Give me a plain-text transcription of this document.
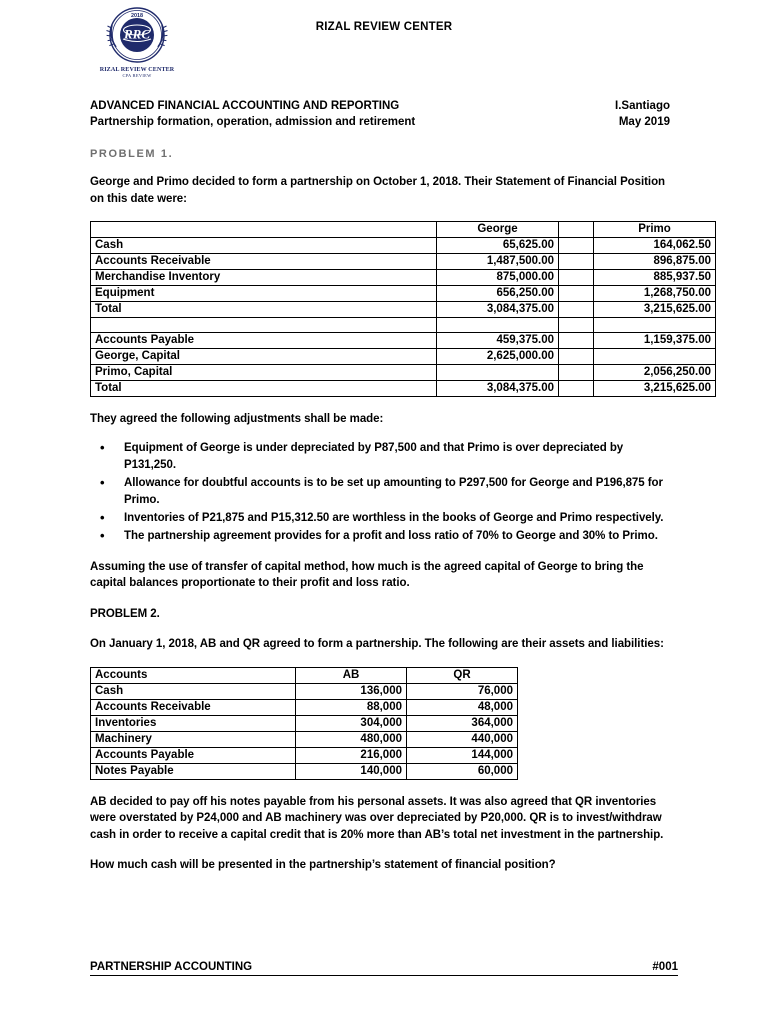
2018
RRC
RIZAL REVIEW CENTER
CPA REVIEW
RIZAL REVIEW CENTER
ADVANCED FINANCIAL ACCOUNTING AND REPORTING	I.Santiago
Partnership formation, operation, admission and retirement	May 2019
PROBLEM 1.

George and Primo decided to form a partnership on October 1, 2018. Their Statement of Financial Position on this date were:

	George		Primo
Cash	65,625.00		164,062.50
Accounts Receivable	1,487,500.00		896,875.00
Merchandise Inventory	875,000.00		885,937.50
Equipment	656,250.00		1,268,750.00
Total	3,084,375.00		3,215,625.00

Accounts Payable	459,375.00		1,159,375.00
George, Capital	2,625,000.00		
Primo, Capital			2,056,250.00
Total	3,084,375.00		3,215,625.00

They agreed the following adjustments shall be made:

• Equipment of George is under depreciated by P87,500 and that Primo is over depreciated by P131,250.
• Allowance for doubtful accounts is to be set up amounting to P297,500 for George and P196,875 for Primo.
• Inventories of P21,875 and P15,312.50 are worthless in the books of George and Primo respectively.
• The partnership agreement provides for a profit and loss ratio of 70% to George and 30% to Primo.

Assuming the use of transfer of capital method, how much is the agreed capital of George to bring the capital balances proportionate to their profit and loss ratio.

PROBLEM 2.

On January 1, 2018, AB and QR agreed to form a partnership. The following are their assets and liabilities:

Accounts	AB	QR
Cash	136,000	76,000
Accounts Receivable	88,000	48,000
Inventories	304,000	364,000
Machinery	480,000	440,000
Accounts Payable	216,000	144,000
Notes Payable	140,000	60,000

AB decided to pay off his notes payable from his personal assets. It was also agreed that QR inventories were overstated by P24,000 and AB machinery was over depreciated by P20,000. QR is to invest/withdraw cash in order to receive a capital credit that is 20% more than AB’s total net investment in the partnership.

How much cash will be presented in the partnership’s statement of financial position?

PARTNERSHIP ACCOUNTING	#001
